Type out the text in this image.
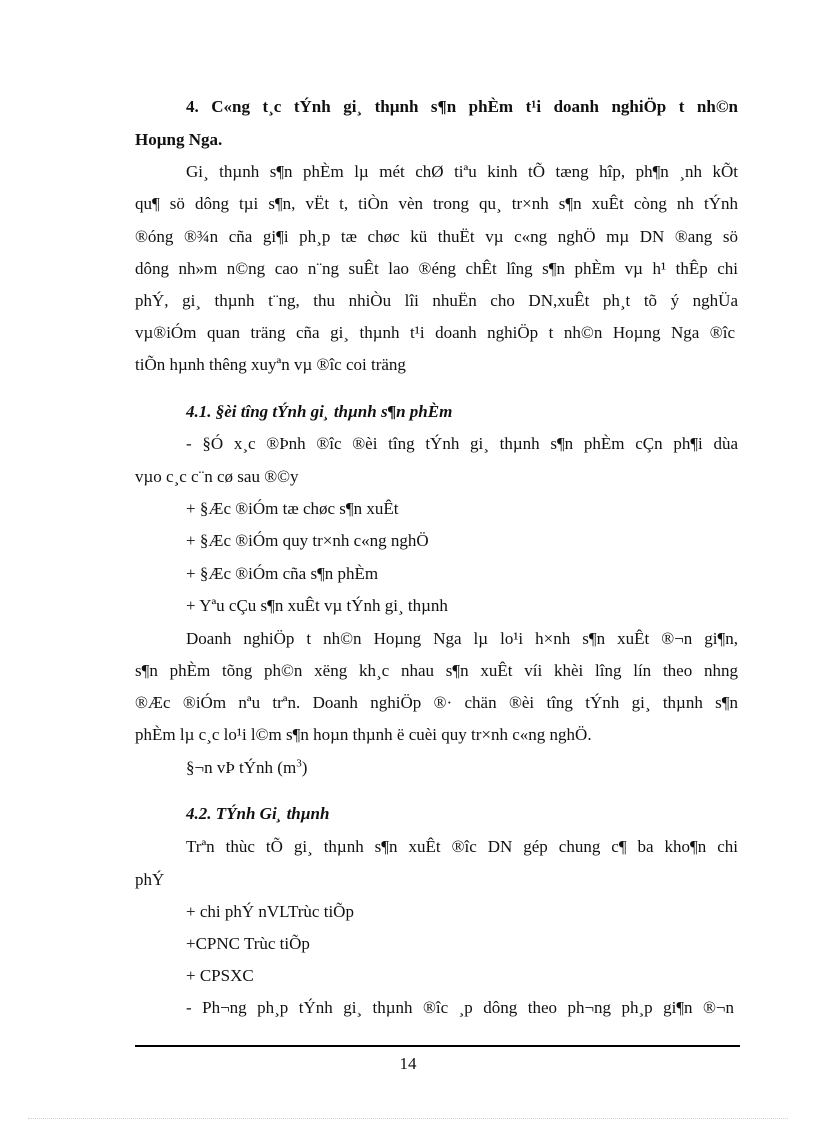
4. C«ng t¸c tÝnh gi¸ thµnh s¶n phÈm t¹i doanh nghiÖp t nh©n

Hoµng Nga.

Gi¸ thµnh s¶n phÈm lµ mét chØ tiªu kinh tÕ tæng hîp, ph¶n ¸nh kÕt

qu¶ sö dông tµi s¶n, vËt t, tiÒn vèn trong qu¸ tr×nh s¶n xuÊt còng nh tÝnh

®óng ®¾n cña gi¶i ph¸p tæ chøc kü thuËt vµ c«ng nghÖ mµ DN ®ang sö

dông nh»m n©ng cao n¨ng suÊt lao ®éng chÊt lîng s¶n phÈm vµ h¹ thÊp chi

phÝ, gi¸ thµnh t¨ng, thu nhiÒu lîi nhuËn cho DN,xuÊt ph¸t tõ ý nghÜa

vµ®iÓm quan träng cña gi¸ thµnh t¹i doanh nghiÖp t nh©n Hoµng Nga ®îc

tiÕn hµnh thêng xuyªn vµ ®îc coi träng

4.1. §èi tîng tÝnh gi¸ thµnh s¶n phÈm

- §Ó x¸c ®Þnh ®îc ®èi tîng tÝnh gi¸ thµnh s¶n phÈm cÇn ph¶i dùa

vµo c¸c c¨n cø sau ®©y

+ §Æc ®iÓm tæ chøc s¶n xuÊt

+ §Æc ®iÓm quy tr×nh c«ng nghÖ

+ §Æc ®iÓm cña s¶n phÈm

+ Yªu cÇu s¶n xuÊt vµ tÝnh gi¸ thµnh

Doanh nghiÖp t nh©n Hoµng Nga lµ lo¹i h×nh s¶n xuÊt ®¬n gi¶n,

s¶n phÈm tõng ph©n xëng kh¸c nhau s¶n xuÊt víi khèi lîng lín theo nhng

®Æc ®iÓm nªu trªn. Doanh nghiÖp ®· chän ®èi tîng tÝnh gi¸ thµnh s¶n

phÈm lµ c¸c lo¹i l©m s¶n hoµn thµnh ë cuèi quy tr×nh c«ng nghÖ.

§¬n vÞ tÝnh $(m^3)$

4.2. TÝnh Gi¸ thµnh

Trªn thùc tÕ gi¸ thµnh s¶n xuÊt ®îc DN gép chung c¶ ba kho¶n chi

phÝ

+ chi phÝ nVLTrùc tiÕp

+CPNC Trùc tiÕp

+ CPSXC

- Ph¬ng ph¸p tÝnh gi¸ thµnh ®îc ¸p dông theo ph¬ng ph¸p gi¶n ®¬n

14
